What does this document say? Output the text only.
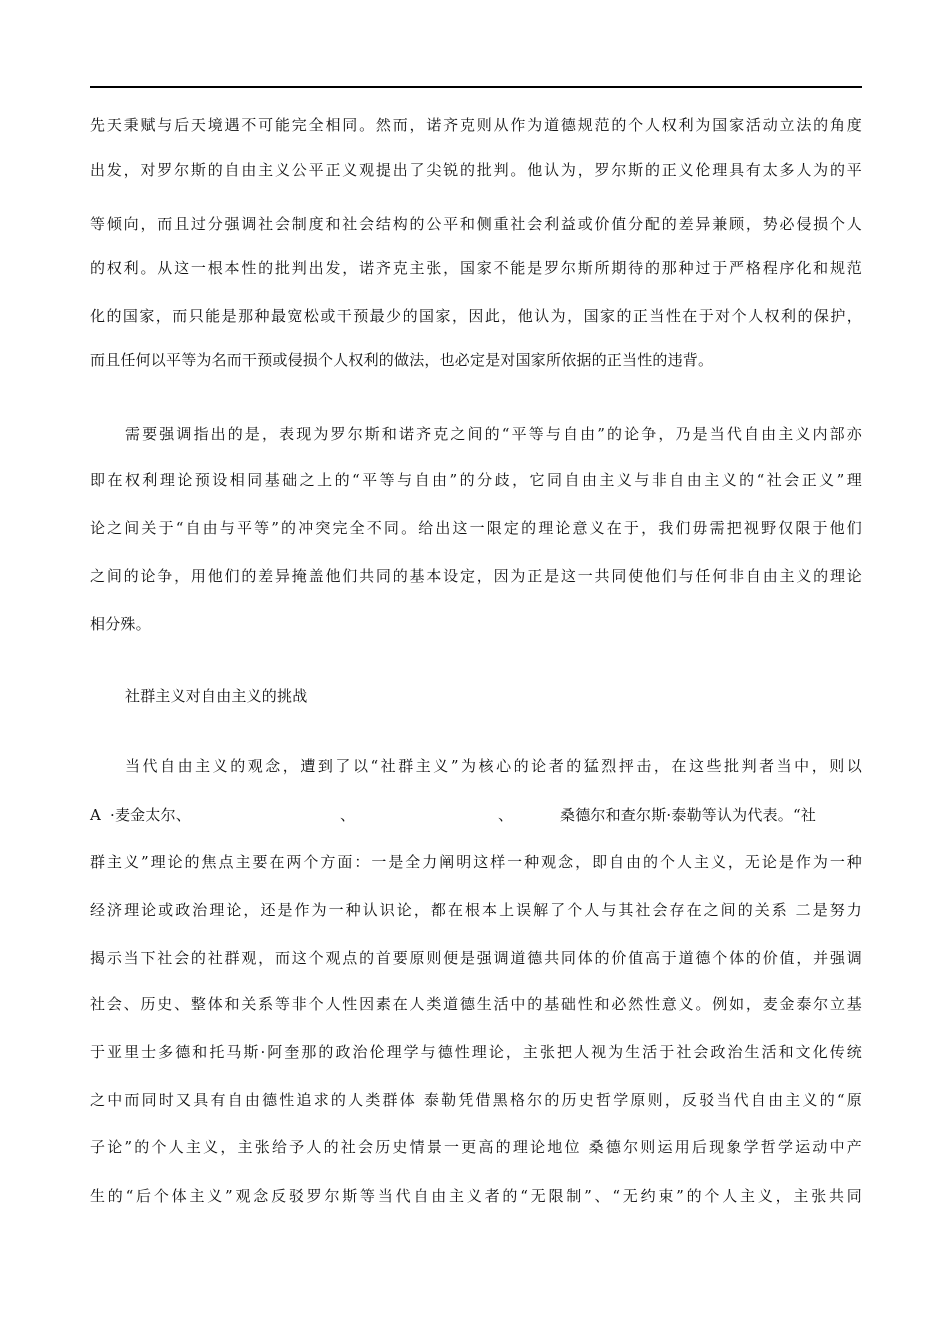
先天秉赋与后天境遇不可能完全相同。然而，诺齐克则从作为道德规范的个人权利为国家活动立法的角度
出发，对罗尔斯的自由主义公平正义观提出了尖锐的批判。他认为，罗尔斯的正义伦理具有太多人为的平
等倾向，而且过分强调社会制度和社会结构的公平和侧重社会利益或价值分配的差异兼顾，势必侵损个人
的权利。从这一根本性的批判出发，诺齐克主张，国家不能是罗尔斯所期待的那种过于严格程序化和规范
化的国家，而只能是那种最宽松或干预最少的国家，因此，他认为，国家的正当性在于对个人权利的保护，
而且任何以平等为名而干预或侵损个人权利的做法，也必定是对国家所依据的正当性的违背。
需要强调指出的是，表现为罗尔斯和诺齐克之间的“平等与自由”的论争，乃是当代自由主义内部亦
即在权利理论预设相同基础之上的“平等与自由”的分歧，它同自由主义与非自由主义的“社会正义”理
论之间关于“自由与平等”的冲突完全不同。给出这一限定的理论意义在于，我们毋需把视野仅限于他们
之间的论争，用他们的差异掩盖他们共同的基本设定，因为正是这一共同使他们与任何非自由主义的理论
相分殊。
社群主义对自由主义的挑战
当代自由主义的观念，遭到了以“社群主义”为核心的论者的猛烈抨击，在这些批判者当中，则以
A ·麦金太尔、	、	、	桑德尔和查尔斯·泰勒等认为代表。“社
群主义”理论的焦点主要在两个方面：一是全力阐明这样一种观念，即自由的个人主义，无论是作为一种
经济理论或政治理论，还是作为一种认识论，都在根本上误解了个人与其社会存在之间的关系 二是努力
揭示当下社会的社群观，而这个观点的首要原则便是强调道德共同体的价值高于道德个体的价值，并强调
社会、历史、整体和关系等非个人性因素在人类道德生活中的基础性和必然性意义。例如，麦金泰尔立基
于亚里士多德和托马斯·阿奎那的政治伦理学与德性理论，主张把人视为生活于社会政治生活和文化传统
之中而同时又具有自由德性追求的人类群体 泰勒凭借黑格尔的历史哲学原则，反驳当代自由主义的“原
子论”的个人主义，主张给予人的社会历史情景一更高的理论地位 桑德尔则运用后现象学哲学运动中产
生的“后个体主义”观念反驳罗尔斯等当代自由主义者的“无限制”、“无约束”的个人主义，主张共同
